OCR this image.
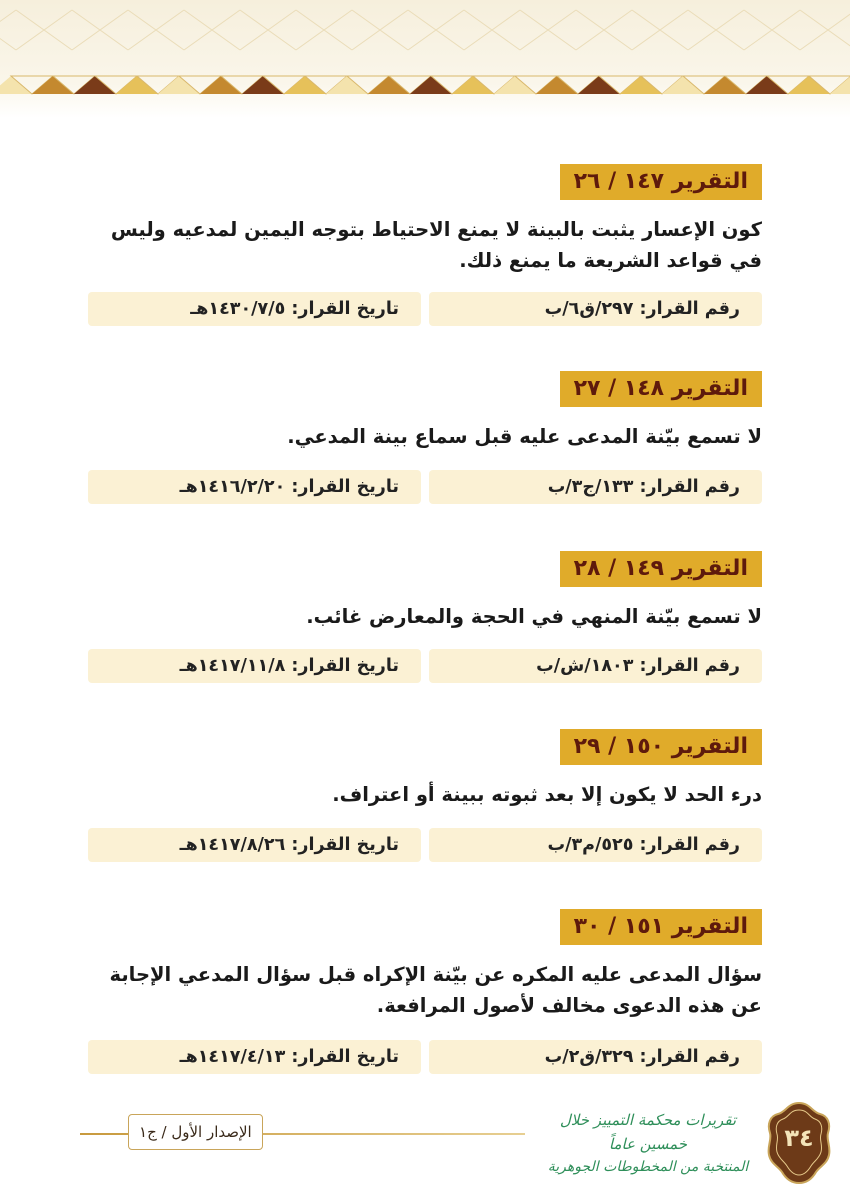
التقرير ١٤٧ / ٢٦
كون الإعسار يثبت بالبينة لا يمنع الاحتياط بتوجه اليمين لمدعيه وليس في قواعد الشريعة ما يمنع ذلك.
رقم القرار: ٢٩٧/ق٦/ب
تاريخ القرار: ١٤٣٠/٧/٥هـ
التقرير ١٤٨ / ٢٧
لا تسمع بيّنة المدعى عليه قبل سماع بينة المدعي.
رقم القرار: ١٣٣/ج٣/ب
تاريخ القرار: ١٤١٦/٢/٢٠هـ
التقرير ١٤٩ / ٢٨
لا تسمع بيّنة المنهي في الحجة والمعارض غائب.
رقم القرار: ١٨٠٣/ش/ب
تاريخ القرار: ١٤١٧/١١/٨هـ
التقرير ١٥٠ / ٢٩
درء الحد لا يكون إلا بعد ثبوته ببينة أو اعتراف.
رقم القرار: ٥٢٥/م٣/ب
تاريخ القرار: ١٤١٧/٨/٢٦هـ
التقرير ١٥١ / ٣٠
سؤال المدعى عليه المكره عن بيّنة الإكراه قبل سؤال المدعي الإجابة عن هذه الدعوى مخالف لأصول المرافعة.
رقم القرار: ٣٢٩/ق٢/ب
تاريخ القرار: ١٤١٧/٤/١٣هـ
الإصدار الأول / ج١
تقريرات محكمة التمييز خلال خمسين عاماً
المنتخبة من المخطوطات الجوهرية
٣٤
